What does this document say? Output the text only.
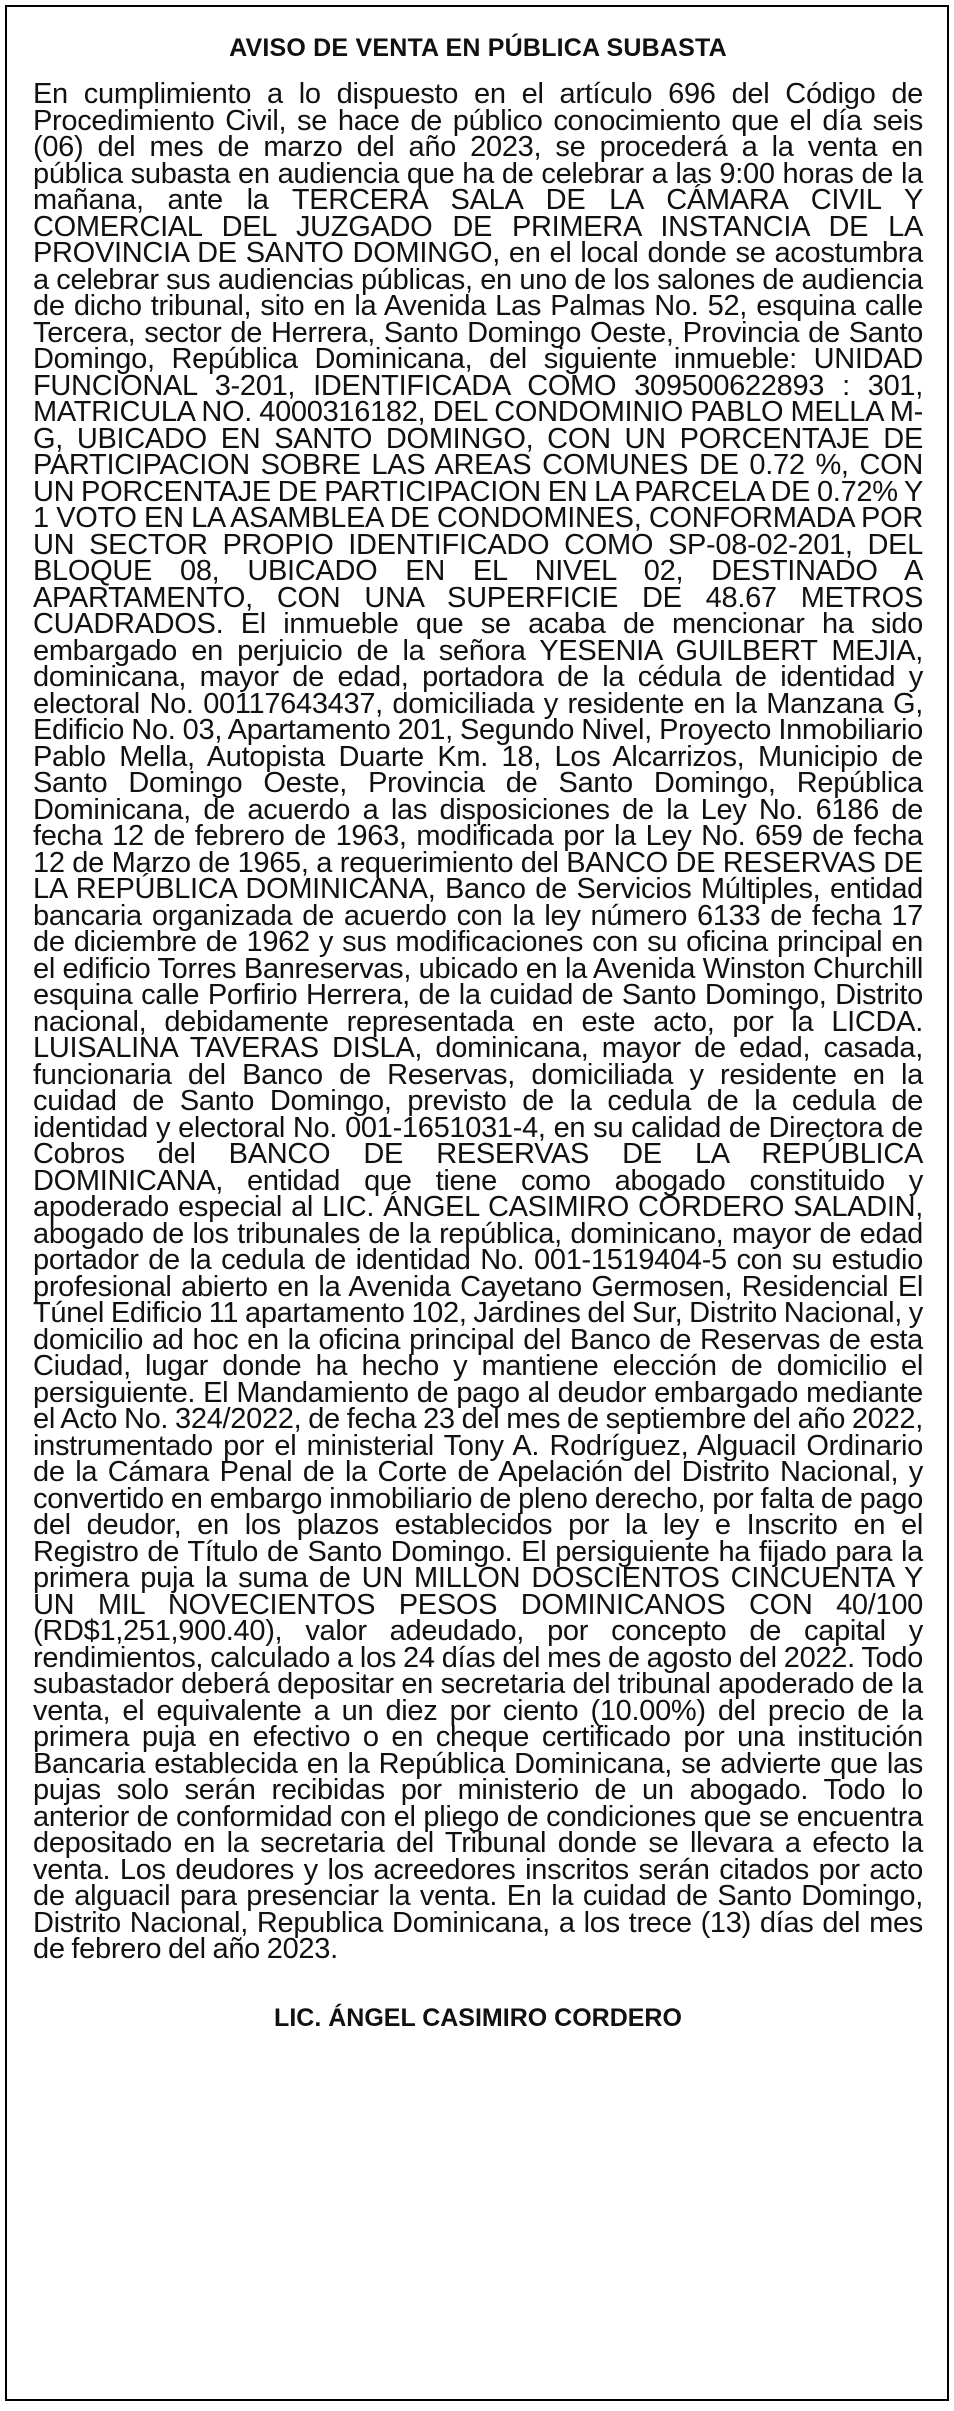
AVISO DE VENTA EN PÚBLICA SUBASTA

En cumplimiento a lo dispuesto en el artículo 696 del Código de Procedimiento Civil, se hace de público conocimiento que el día seis (06) del mes de marzo del año 2023, se procederá a la venta en pública subasta en audiencia que ha de celebrar a las 9:00 horas de la mañana, ante la TERCERA SALA DE LA CÁMARA CIVIL Y COMERCIAL DEL JUZGADO DE PRIMERA INSTANCIA DE LA PROVINCIA DE SANTO DOMINGO, en el local donde se acostumbra a celebrar sus audiencias públicas, en uno de los salones de audiencia de dicho tribunal, sito en la Avenida Las Palmas No. 52, esquina calle Tercera, sector de Herrera, Santo Domingo Oeste, Provincia de Santo Domingo, República Dominicana, del siguiente inmueble: UNIDAD FUNCIONAL 3-201, IDENTIFICADA COMO 309500622893 : 301, MATRICULA NO. 4000316182, DEL CONDOMINIO PABLO MELLA M-G, UBICADO EN SANTO DOMINGO, CON UN PORCENTAJE DE PARTICIPACION SOBRE LAS AREAS COMUNES DE 0.72 %, CON UN PORCENTAJE DE PARTICIPACION EN LA PARCELA DE 0.72% Y 1 VOTO EN LA ASAMBLEA DE CONDOMINES, CONFORMADA POR UN SECTOR PROPIO IDENTIFICADO COMO SP-08-02-201, DEL BLOQUE 08, UBICADO EN EL NIVEL 02, DESTINADO A APARTAMENTO, CON UNA SUPERFICIE DE 48.67 METROS CUADRADOS. El inmueble que se acaba de mencionar ha sido embargado en perjuicio de la señora YESENIA GUILBERT MEJIA, dominicana, mayor de edad, portadora de la cédula de identidad y electoral No. 00117643437, domiciliada y residente en la Manzana G, Edificio No. 03, Apartamento 201, Segundo Nivel, Proyecto Inmobiliario Pablo Mella, Autopista Duarte Km. 18, Los Alcarrizos, Municipio de Santo Domingo Oeste, Provincia de Santo Domingo, República Dominicana, de acuerdo a las disposiciones de la Ley No. 6186 de fecha 12 de febrero de 1963, modificada por la Ley No. 659 de fecha 12 de Marzo de 1965, a requerimiento del BANCO DE RESERVAS DE LA REPÚBLICA DOMINICANA, Banco de Servicios Múltiples, entidad bancaria organizada de acuerdo con la ley número 6133 de fecha 17 de diciembre de 1962 y sus modificaciones con su oficina principal en el edificio Torres Banreservas, ubicado en la Avenida Winston Churchill esquina calle Porfirio Herrera, de la cuidad de Santo Domingo, Distrito nacional, debidamente representada en este acto, por la LICDA. LUISALINA TAVERAS DISLA, dominicana, mayor de edad, casada, funcionaria del Banco de Reservas, domiciliada y residente en la cuidad de Santo Domingo, previsto de la cedula de la cedula de identidad y electoral No. 001-1651031-4, en su calidad de Directora de Cobros del BANCO DE RESERVAS DE LA REPÚBLICA DOMINICANA, entidad que tiene como abogado constituido y apoderado especial al LIC. ÁNGEL CASIMIRO CORDERO SALADIN, abogado de los tribunales de la república, dominicano, mayor de edad portador de la cedula de identidad No. 001-1519404-5 con su estudio profesional abierto en la Avenida Cayetano Germosen, Residencial El Túnel Edificio 11 apartamento 102, Jardines del Sur, Distrito Nacional, y domicilio ad hoc en la oficina principal del Banco de Reservas de esta Ciudad, lugar donde ha hecho y mantiene elección de domicilio el persiguiente. El Mandamiento de pago al deudor embargado mediante el Acto No. 324/2022, de fecha 23 del mes de septiembre del año 2022, instrumentado por el ministerial Tony A. Rodríguez, Alguacil Ordinario de la Cámara Penal de la Corte de Apelación del Distrito Nacional, y convertido en embargo inmobiliario de pleno derecho, por falta de pago del deudor, en los plazos establecidos por la ley e Inscrito en el Registro de Título de Santo Domingo. El persiguiente ha fijado para la primera puja la suma de UN MILLON DOSCIENTOS CINCUENTA Y UN MIL NOVECIENTOS PESOS DOMINICANOS CON 40/100 (RD$1,251,900.40), valor adeudado, por concepto de capital y rendimientos, calculado a los 24 días del mes de agosto del 2022. Todo subastador deberá depositar en secretaria del tribunal apoderado de la venta, el equivalente a un diez por ciento (10.00%) del precio de la primera puja en efectivo o en cheque certificado por una institución Bancaria establecida en la República Dominicana, se advierte que las pujas solo serán recibidas por ministerio de un abogado. Todo lo anterior de conformidad con el pliego de condiciones que se encuentra depositado en la secretaria del Tribunal donde se llevara a efecto la venta. Los deudores y los acreedores inscritos serán citados por acto de alguacil para presenciar la venta. En la cuidad de Santo Domingo, Distrito Nacional, Republica Dominicana, a los trece (13) días del mes de febrero del año 2023.

LIC. ÁNGEL CASIMIRO CORDERO
